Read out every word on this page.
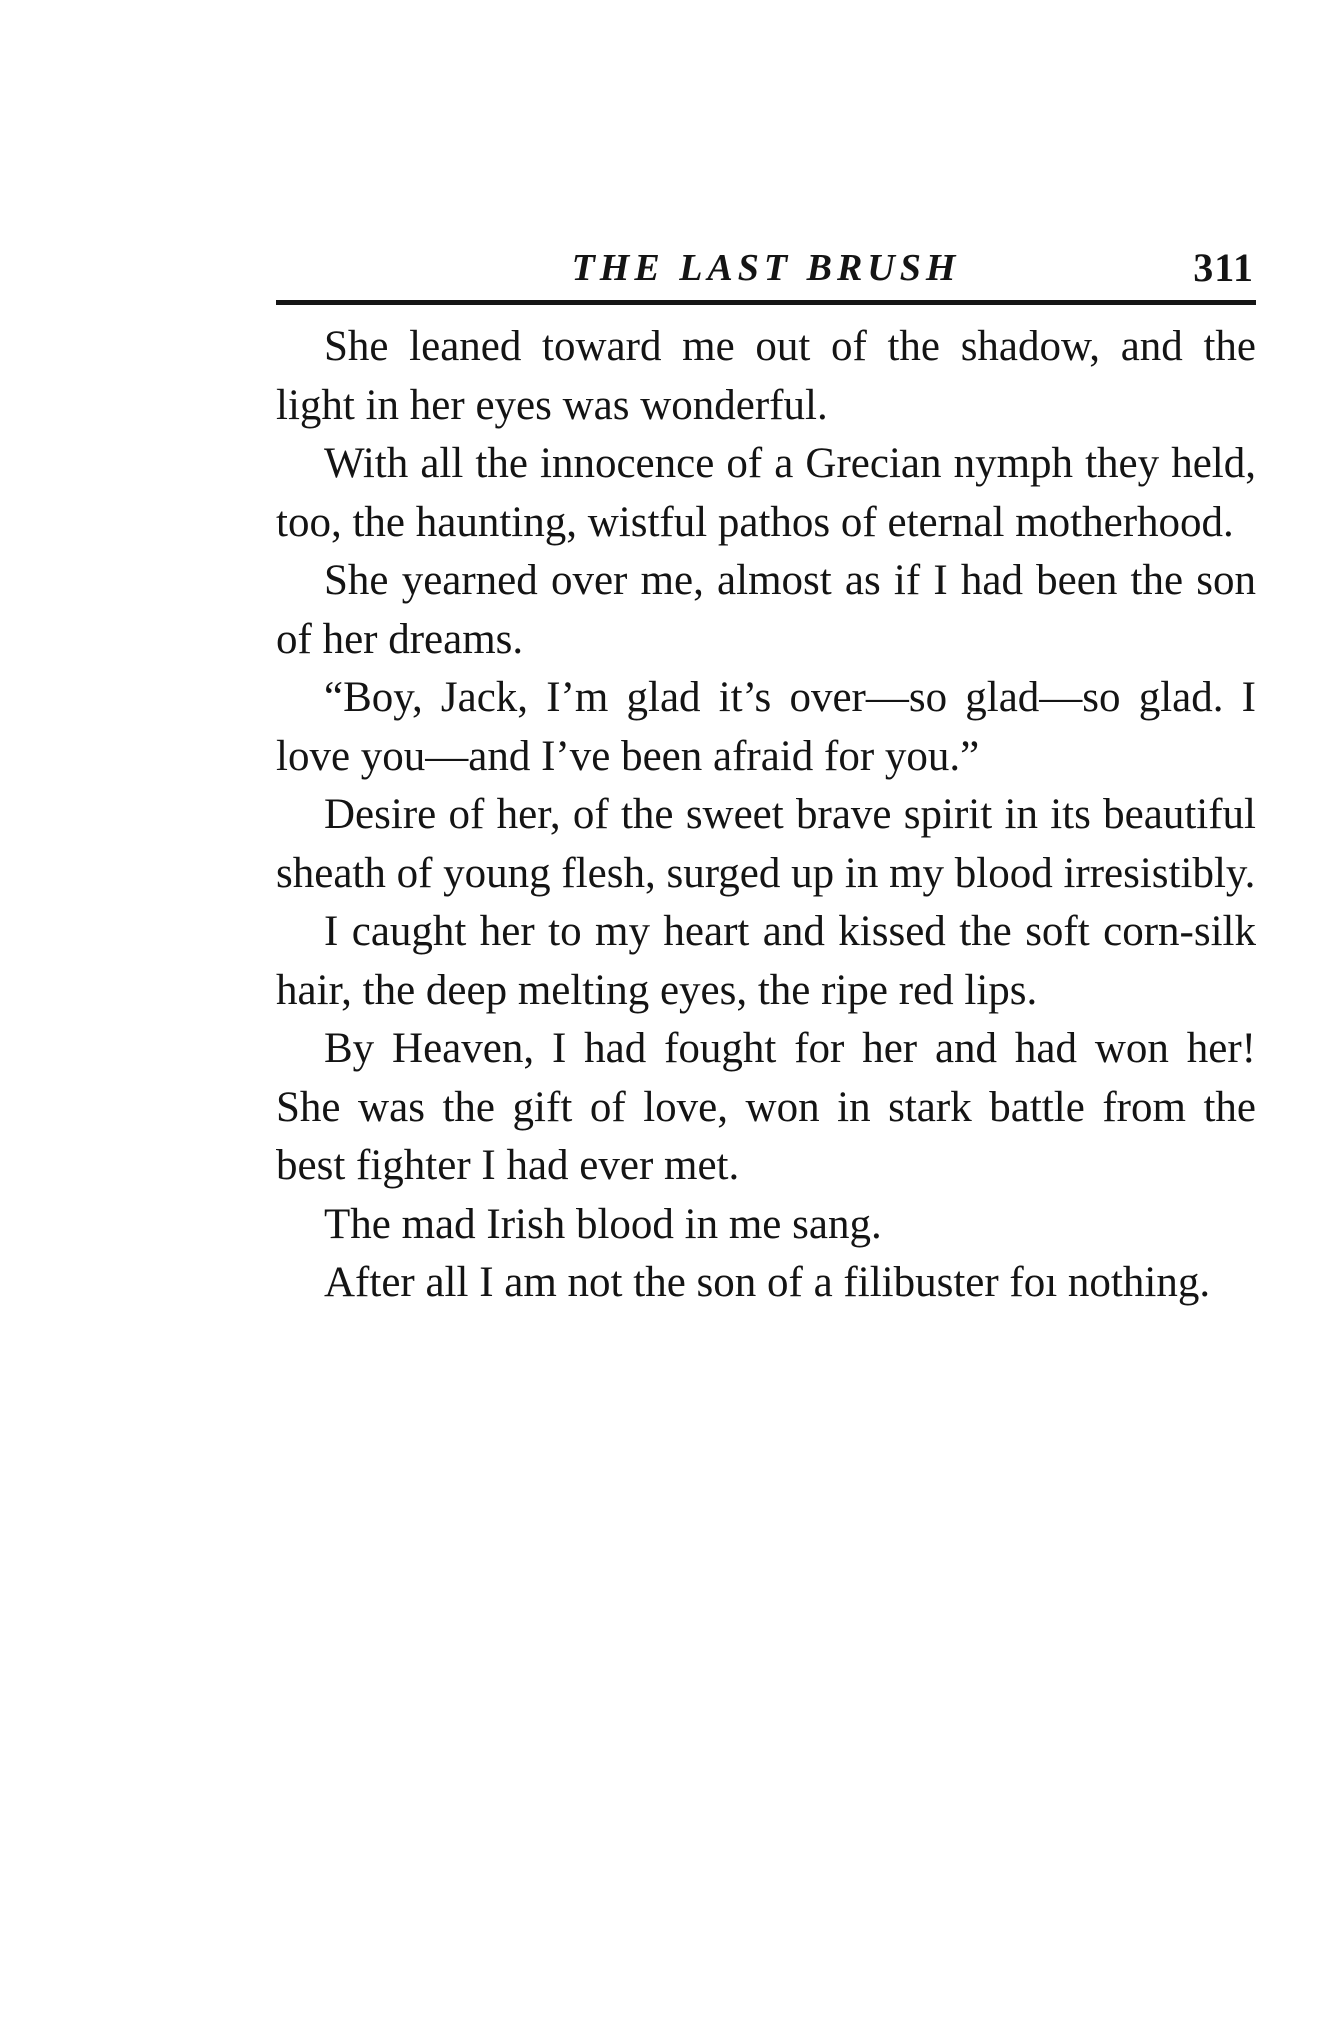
THE LAST BRUSH	311

She leaned toward me out of the shadow, and the light in her eyes was wonderful.

With all the innocence of a Grecian nymph they held, too, the haunting, wistful pathos of eternal motherhood.

She yearned over me, almost as if I had been the son of her dreams.

“Boy, Jack, I’m glad it’s over—so glad—so glad. I love you—and I’ve been afraid for you.”

Desire of her, of the sweet brave spirit in its beautiful sheath of young flesh, surged up in my blood irresistibly.

I caught her to my heart and kissed the soft corn-silk hair, the deep melting eyes, the ripe red lips.

By Heaven, I had fought for her and had won her! She was the gift of love, won in stark battle from the best fighter I had ever met.

The mad Irish blood in me sang.

After all I am not the son of a filibuster foı nothing.
